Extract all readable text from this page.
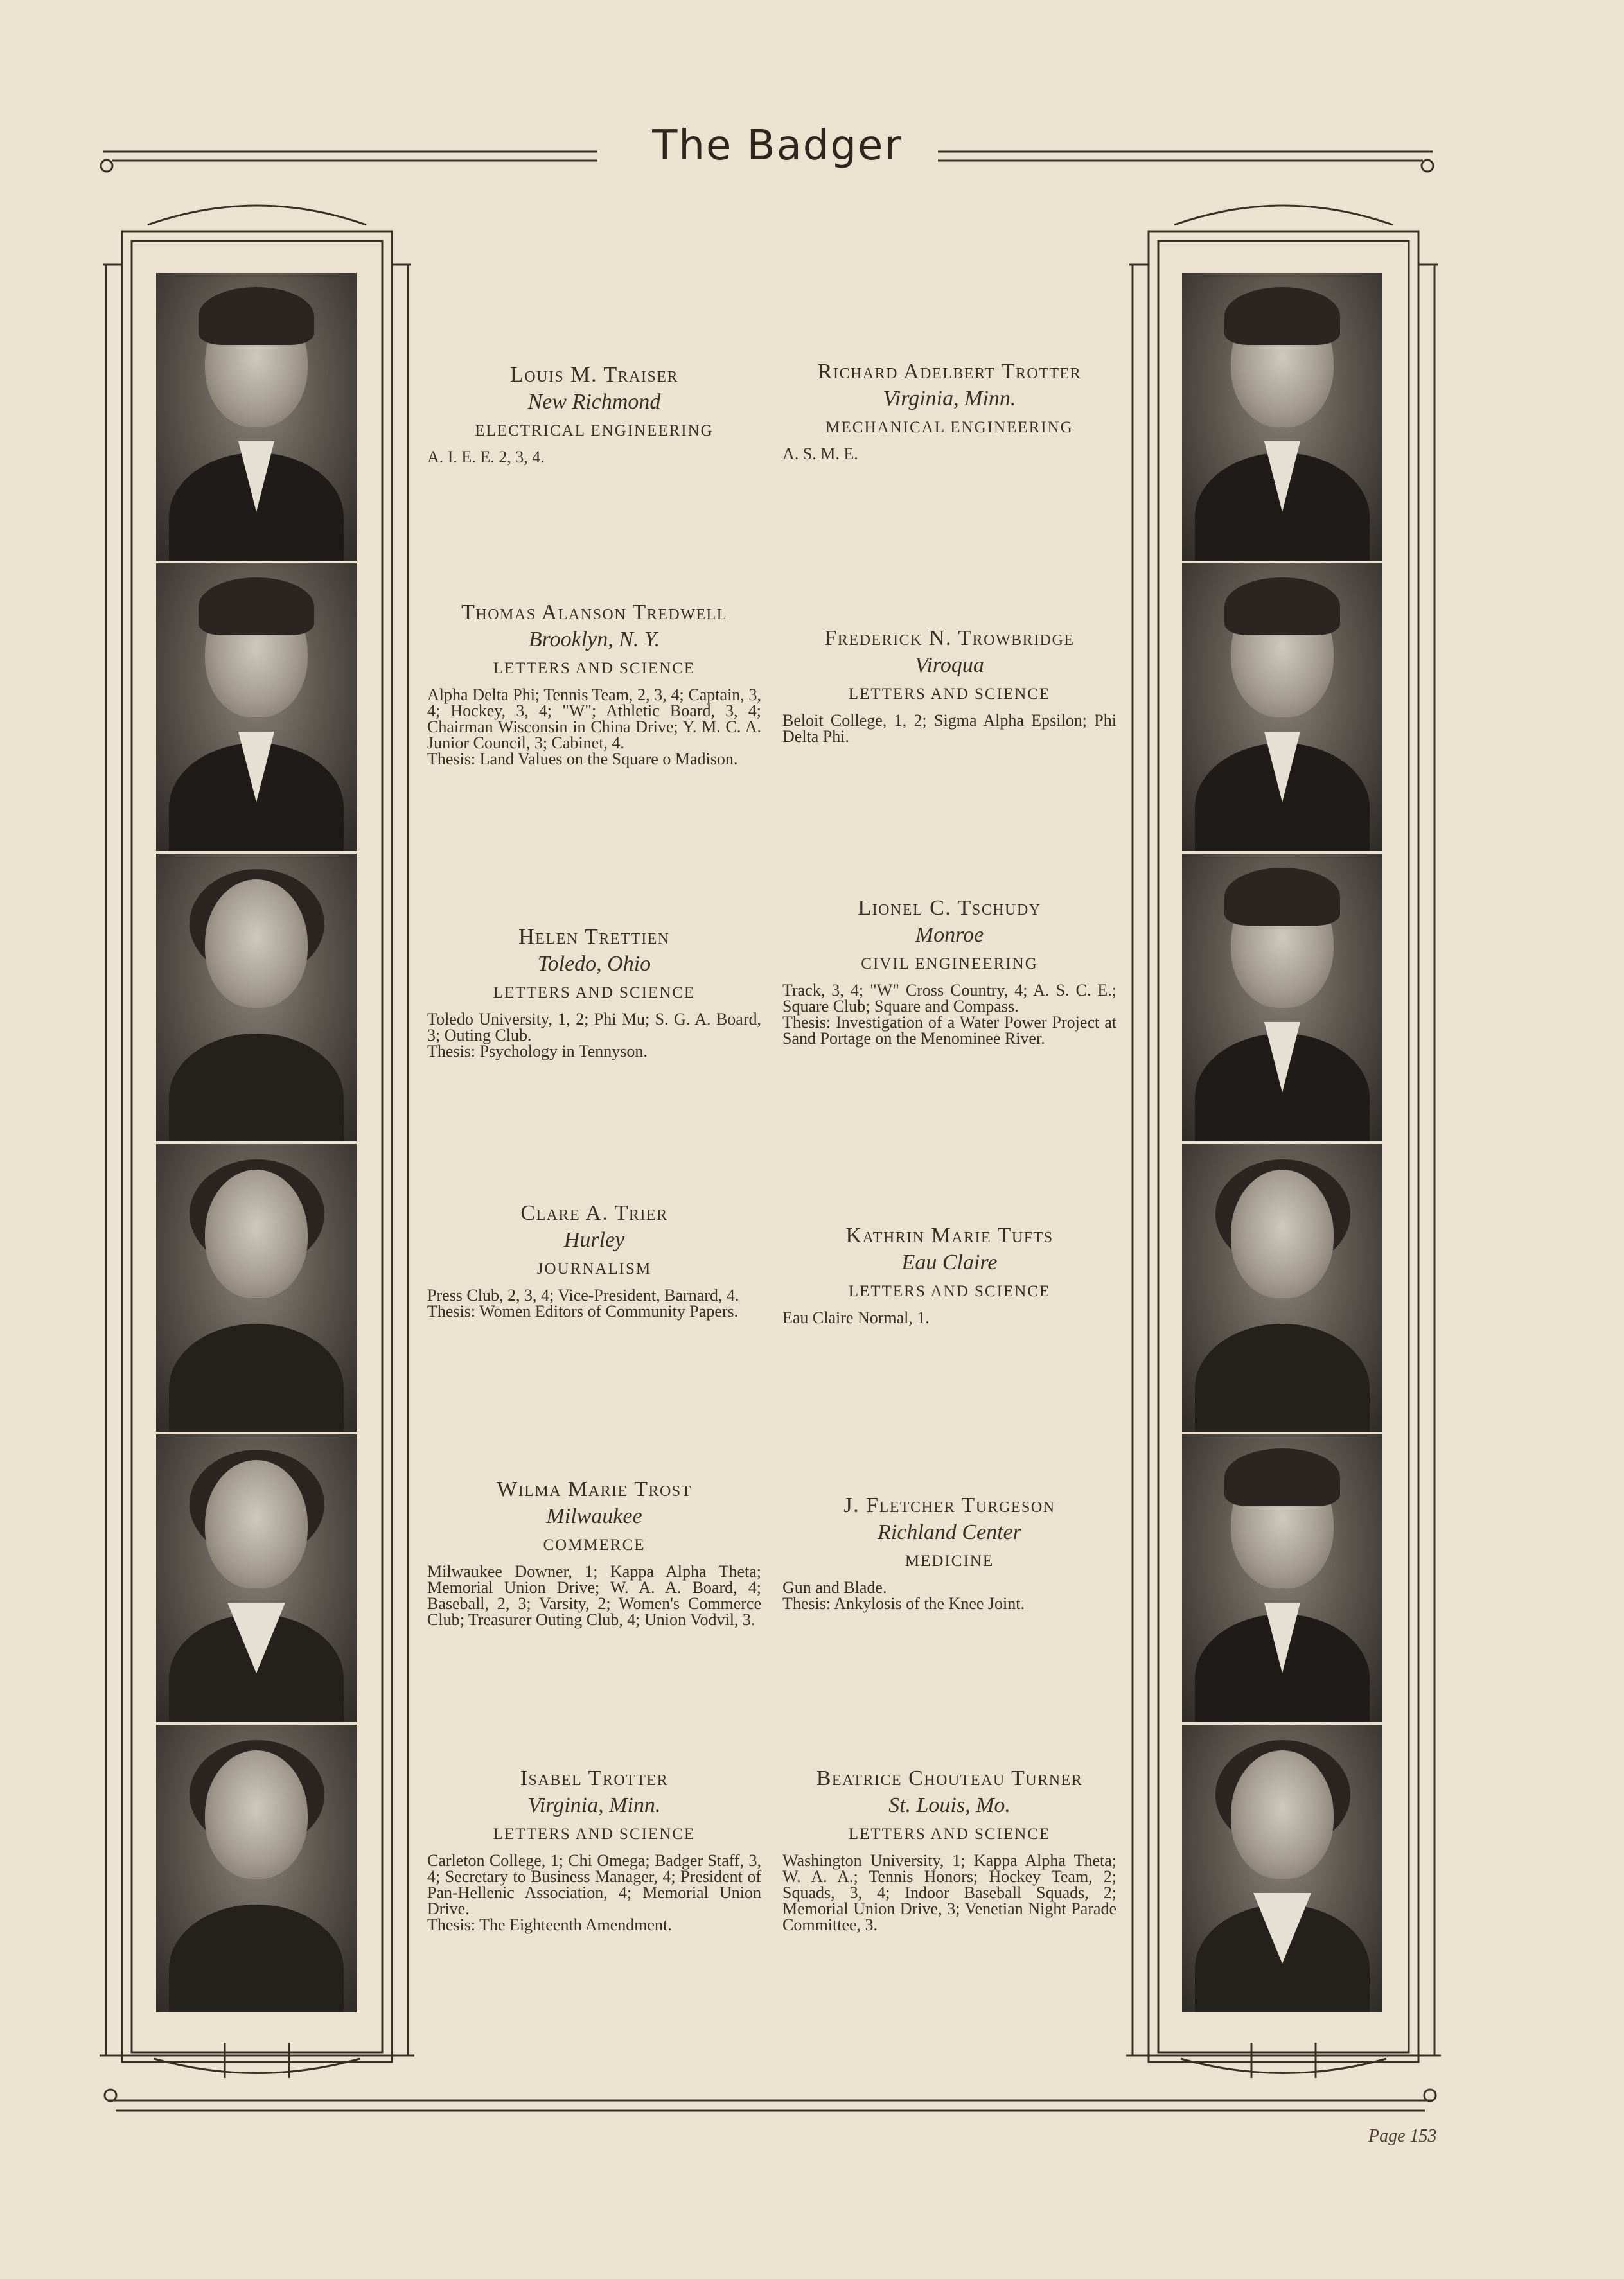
The Badger
Louis M. Traiser
New Richmond
ELECTRICAL ENGINEERING
A. I. E. E. 2, 3, 4.
Thomas Alanson Tredwell
Brooklyn, N. Y.
LETTERS AND SCIENCE
Alpha Delta Phi; Tennis Team, 2, 3, 4; Captain, 3, 4; Hockey, 3, 4; "W"; Athletic Board, 3, 4; Chairman Wisconsin in China Drive; Y. M. C. A. Junior Council, 3; Cabinet, 4.
Thesis: Land Values on the Square o Madison.
Helen Trettien
Toledo, Ohio
LETTERS AND SCIENCE
Toledo University, 1, 2; Phi Mu; S. G. A. Board, 3; Outing Club.
Thesis: Psychology in Tennyson.
Clare A. Trier
Hurley
JOURNALISM
Press Club, 2, 3, 4; Vice-President, Barnard, 4.
Thesis: Women Editors of Community Papers.
Wilma Marie Trost
Milwaukee
COMMERCE
Milwaukee Downer, 1; Kappa Alpha Theta; Memorial Union Drive; W. A. A. Board, 4; Baseball, 2, 3; Varsity, 2; Women's Commerce Club; Treasurer Outing Club, 4; Union Vodvil, 3.
Isabel Trotter
Virginia, Minn.
LETTERS AND SCIENCE
Carleton College, 1; Chi Omega; Badger Staff, 3, 4; Secretary to Business Manager, 4; President of Pan-Hellenic Association, 4; Memorial Union Drive.
Thesis: The Eighteenth Amendment.
Richard Adelbert Trotter
Virginia, Minn.
MECHANICAL ENGINEERING
A. S. M. E.
Frederick N. Trowbridge
Viroqua
LETTERS AND SCIENCE
Beloit College, 1, 2; Sigma Alpha Epsilon; Phi Delta Phi.
Lionel C. Tschudy
Monroe
CIVIL ENGINEERING
Track, 3, 4; "W" Cross Country, 4; A. S. C. E.; Square Club; Square and Compass.
Thesis: Investigation of a Water Power Project at Sand Portage on the Menominee River.
Kathrin Marie Tufts
Eau Claire
LETTERS AND SCIENCE
Eau Claire Normal, 1.
J. Fletcher Turgeson
Richland Center
MEDICINE
Gun and Blade.
Thesis: Ankylosis of the Knee Joint.
Beatrice Chouteau Turner
St. Louis, Mo.
LETTERS AND SCIENCE
Washington University, 1; Kappa Alpha Theta; W. A. A.; Tennis Honors; Hockey Team, 2; Squads, 3, 4; Indoor Baseball Squads, 2; Memorial Union Drive, 3; Venetian Night Parade Committee, 3.
Page 153
